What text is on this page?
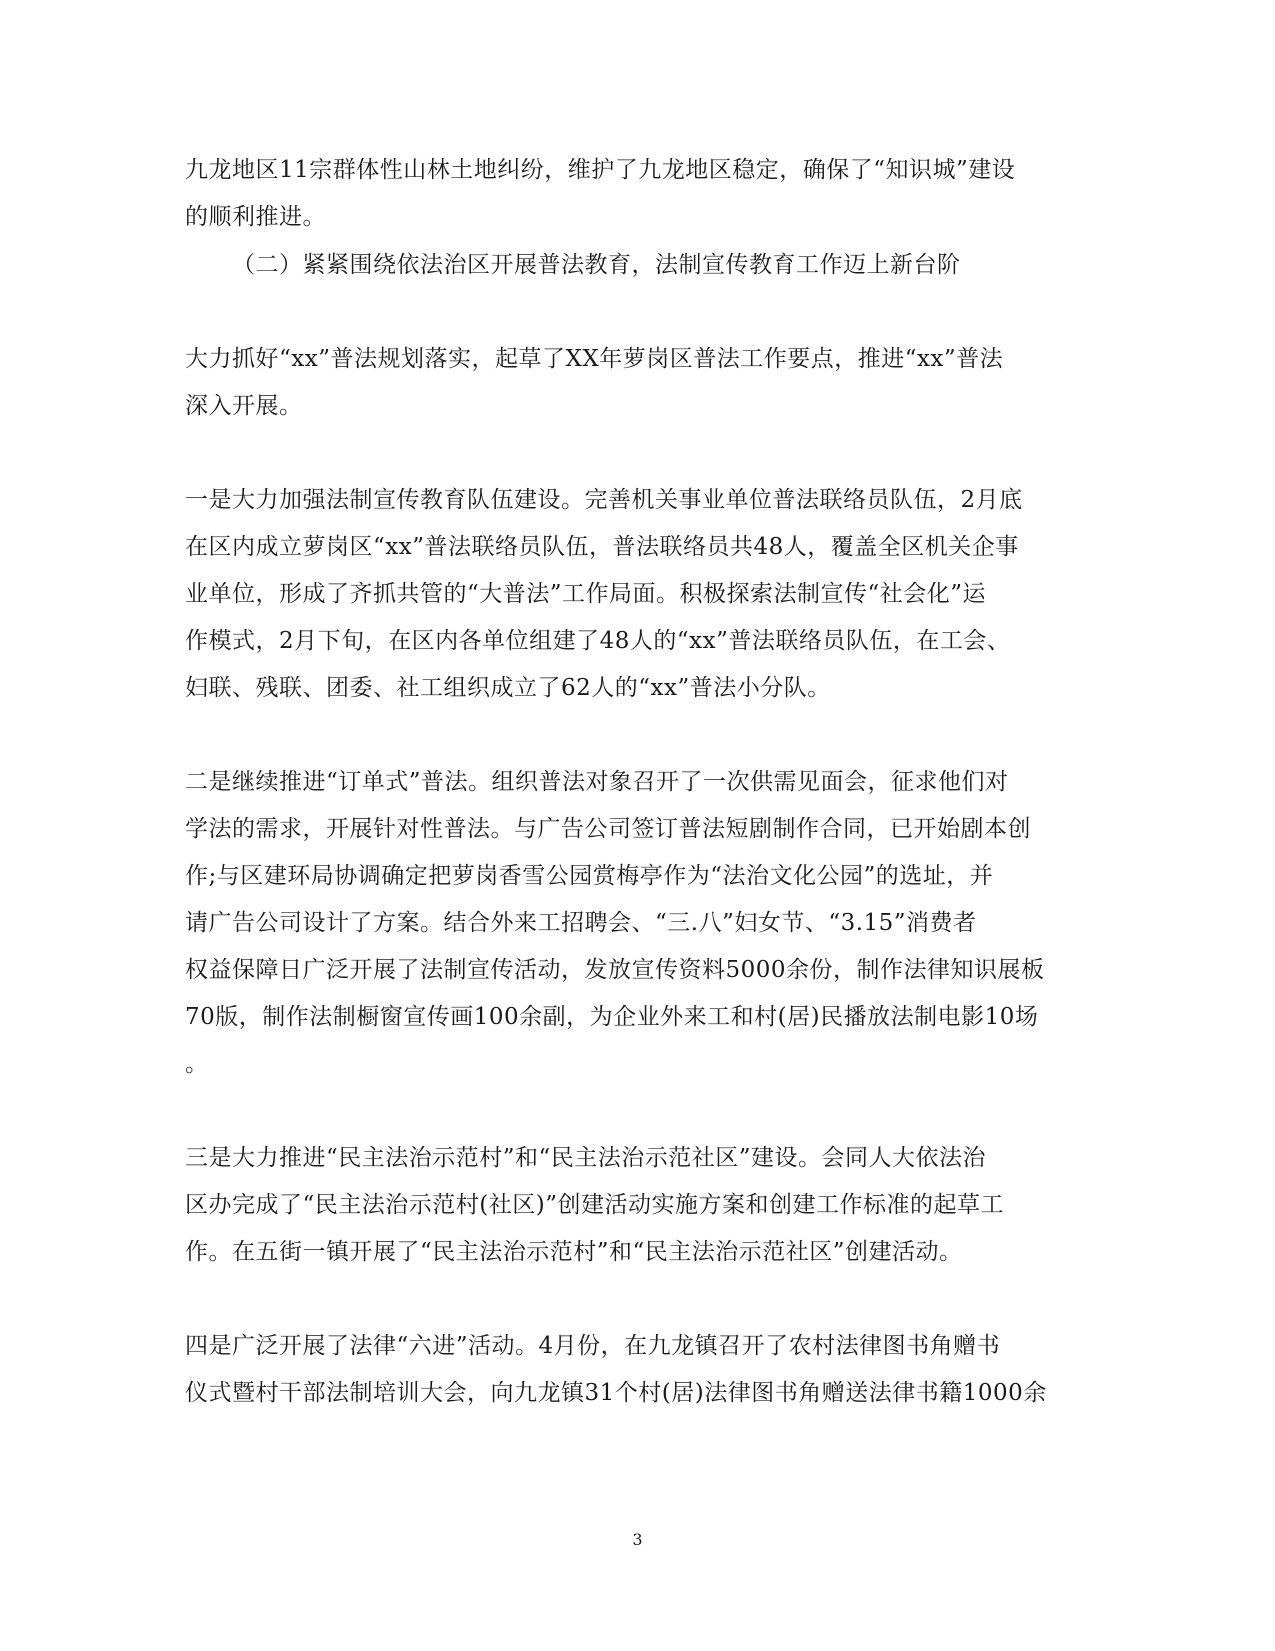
九龙地区11宗群体性山林土地纠纷，维护了九龙地区稳定，确保了“知识城”建设
的顺利推进。
（二）紧紧围绕依法治区开展普法教育，法制宣传教育工作迈上新台阶
大力抓好“xx”普法规划落实，起草了XX年萝岗区普法工作要点，推进“xx”普法
深入开展。
一是大力加强法制宣传教育队伍建设。完善机关事业单位普法联络员队伍，2月底
在区内成立萝岗区“xx”普法联络员队伍，普法联络员共48人，覆盖全区机关企事
业单位，形成了齐抓共管的“大普法”工作局面。积极探索法制宣传“社会化”运
作模式，2月下旬，在区内各单位组建了48人的“xx”普法联络员队伍，在工会、
妇联、残联、团委、社工组织成立了62人的“xx”普法小分队。
二是继续推进“订单式”普法。组织普法对象召开了一次供需见面会，征求他们对
学法的需求，开展针对性普法。与广告公司签订普法短剧制作合同，已开始剧本创
作;与区建环局协调确定把萝岗香雪公园赏梅亭作为“法治文化公园”的选址，并
请广告公司设计了方案。结合外来工招聘会、“三.八”妇女节、“3.15”消费者
权益保障日广泛开展了法制宣传活动，发放宣传资料5000余份，制作法律知识展板
70版，制作法制橱窗宣传画100余副，为企业外来工和村(居)民播放法制电影10场
。
三是大力推进“民主法治示范村”和“民主法治示范社区”建设。会同人大依法治
区办完成了“民主法治示范村(社区)”创建活动实施方案和创建工作标准的起草工
作。在五街一镇开展了“民主法治示范村”和“民主法治示范社区”创建活动。
四是广泛开展了法律“六进”活动。4月份，在九龙镇召开了农村法律图书角赠书
仪式暨村干部法制培训大会，向九龙镇31个村(居)法律图书角赠送法律书籍1000余
3
